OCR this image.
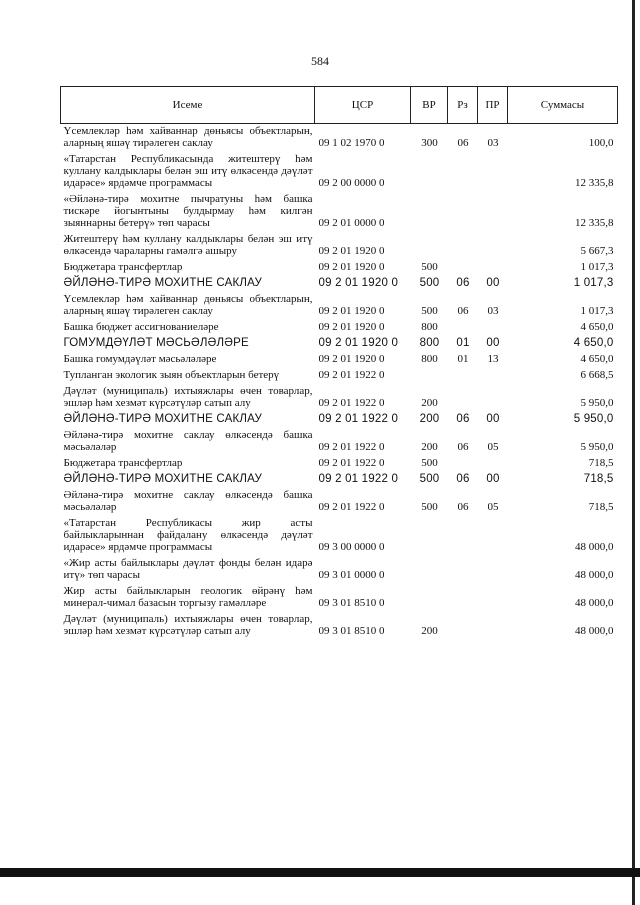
584
Исеме	ЦСР	ВР	Рз	ПР	Суммасы
Үсемлекләр һәм хайваннар дөньясы объектларын, аларның яшәү тирәлеген саклау	09 1 02 1970 0	300	06	03	100,0
«Татарстан Республикасында житештерү һәм куллану калдыклары белән эш итү өлкәсендә дәүләт идарәсе» ярдәмче программасы	09 2 00 0000 0				12 335,8
«Әйләнә-тирә мохитне пычратуны һәм башка тискәре йогынтыны булдырмау һәм килгән зыяннарны бетерү» төп чарасы	09 2 01 0000 0				12 335,8
Житештерү һәм куллану калдыклары белән эш итү өлкәсендә чараларны гамәлгә ашыру	09 2 01 1920 0				5 667,3
Бюджетара трансфертлар	09 2 01 1920 0	500			1 017,3
ӘЙЛӘНӘ-ТИРӘ МОХИТНЕ САКЛАУ	09 2 01 1920 0	500	06	00	1 017,3
Үсемлекләр һәм хайваннар дөньясы объектларын, аларның яшәү тирәлеген саклау	09 2 01 1920 0	500	06	03	1 017,3
Башка бюджет ассигнованиеләре	09 2 01 1920 0	800			4 650,0
ГОМУМДӘҮЛӘТ МӘСЬӘЛӘЛӘРЕ	09 2 01 1920 0	800	01	00	4 650,0
Башка гомумдәүләт мәсьәләләре	09 2 01 1920 0	800	01	13	4 650,0
Тупланган экологик зыян объектларын бетерү	09 2 01 1922 0				6 668,5
Дәүләт (муниципаль) ихтыяжлары өчен товарлар, эшләр һәм хезмәт күрсәтүләр сатып алу	09 2 01 1922 0	200			5 950,0
ӘЙЛӘНӘ-ТИРӘ МОХИТНЕ САКЛАУ	09 2 01 1922 0	200	06	00	5 950,0
Әйләнә-тирә мохитне саклау өлкәсендә башка мәсьәләләр	09 2 01 1922 0	200	06	05	5 950,0
Бюджетара трансфертлар	09 2 01 1922 0	500			718,5
ӘЙЛӘНӘ-ТИРӘ МОХИТНЕ САКЛАУ	09 2 01 1922 0	500	06	00	718,5
Әйләнә-тирә мохитне саклау өлкәсендә башка мәсьәләләр	09 2 01 1922 0	500	06	05	718,5
«Татарстан Республикасы жир асты байлыкларыннан файдалану өлкәсендә дәүләт идарәсе» ярдәмче программасы	09 3 00 0000 0				48 000,0
«Жир асты байлыклары дәүләт фонды белән идарә итү» төп чарасы	09 3 01 0000 0				48 000,0
Жир асты байлыкларын геологик өйрәнү һәм минерал-чимал базасын торгызу гамәлләре	09 3 01 8510 0				48 000,0
Дәүләт (муниципаль) ихтыяжлары өчен товарлар, эшләр һәм хезмәт күрсәтүләр сатып алу	09 3 01 8510 0	200			48 000,0
